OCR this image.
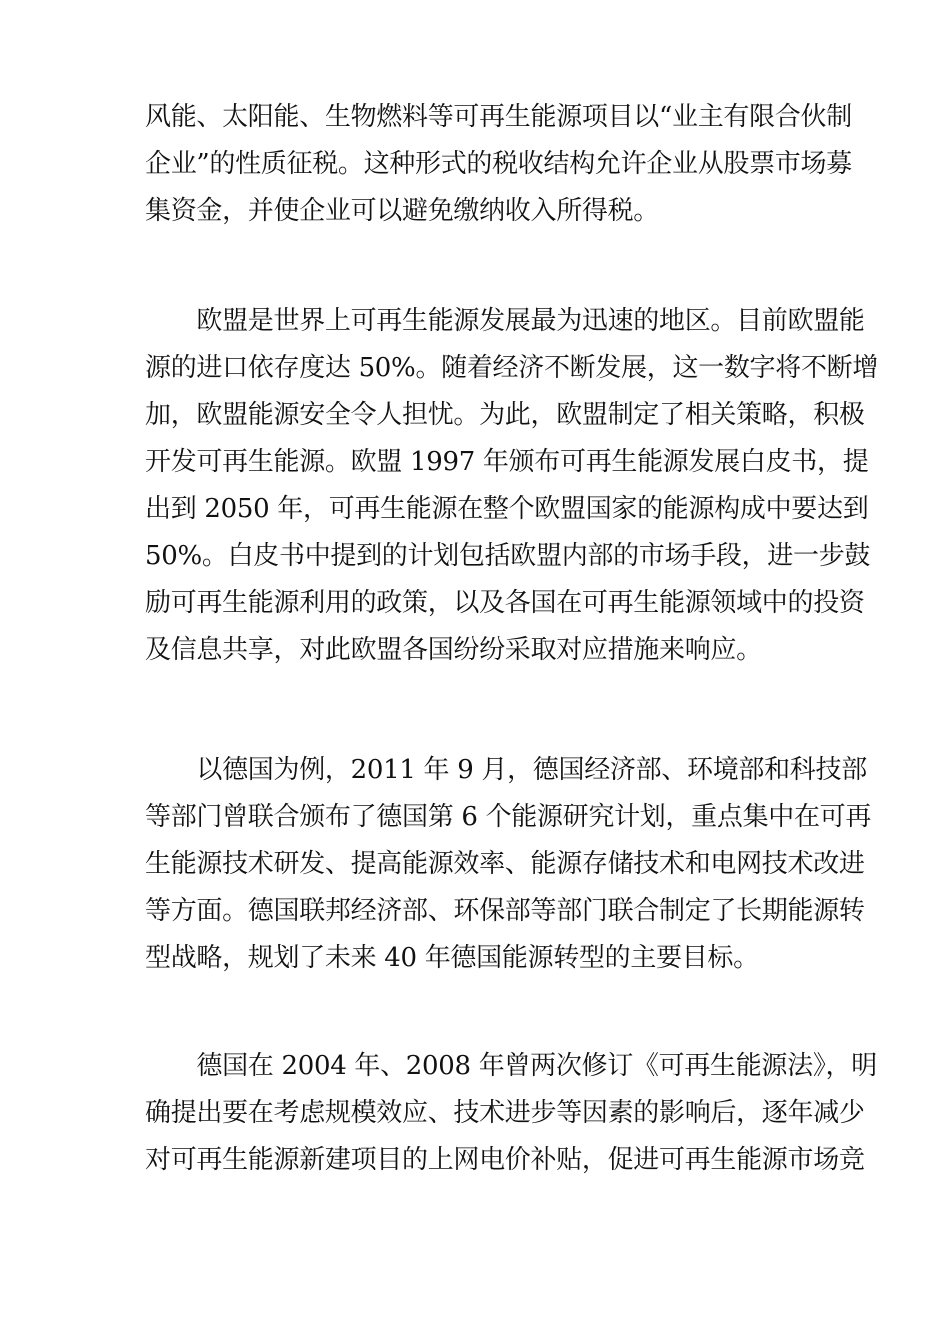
风能、太阳能、生物燃料等可再生能源项目以“业主有限合伙制
企业”的性质征税。这种形式的税收结构允许企业从股票市场募
集资金，并使企业可以避免缴纳收入所得税。
　　欧盟是世界上可再生能源发展最为迅速的地区。目前欧盟能
源的进口依存度达 50%。随着经济不断发展，这一数字将不断增
加，欧盟能源安全令人担忧。为此，欧盟制定了相关策略，积极
开发可再生能源。欧盟 1997 年颁布可再生能源发展白皮书，提
出到 2050 年，可再生能源在整个欧盟国家的能源构成中要达到
50%。白皮书中提到的计划包括欧盟内部的市场手段，进一步鼓
励可再生能源利用的政策，以及各国在可再生能源领域中的投资
及信息共享，对此欧盟各国纷纷采取对应措施来响应。
　　以德国为例，2011 年 9 月，德国经济部、环境部和科技部
等部门曾联合颁布了德国第 6 个能源研究计划，重点集中在可再
生能源技术研发、提高能源效率、能源存储技术和电网技术改进
等方面。德国联邦经济部、环保部等部门联合制定了长期能源转
型战略，规划了未来 40 年德国能源转型的主要目标。
　　德国在 2004 年、2008 年曾两次修订《可再生能源法》，明
确提出要在考虑规模效应、技术进步等因素的影响后，逐年减少
对可再生能源新建项目的上网电价补贴，促进可再生能源市场竞
